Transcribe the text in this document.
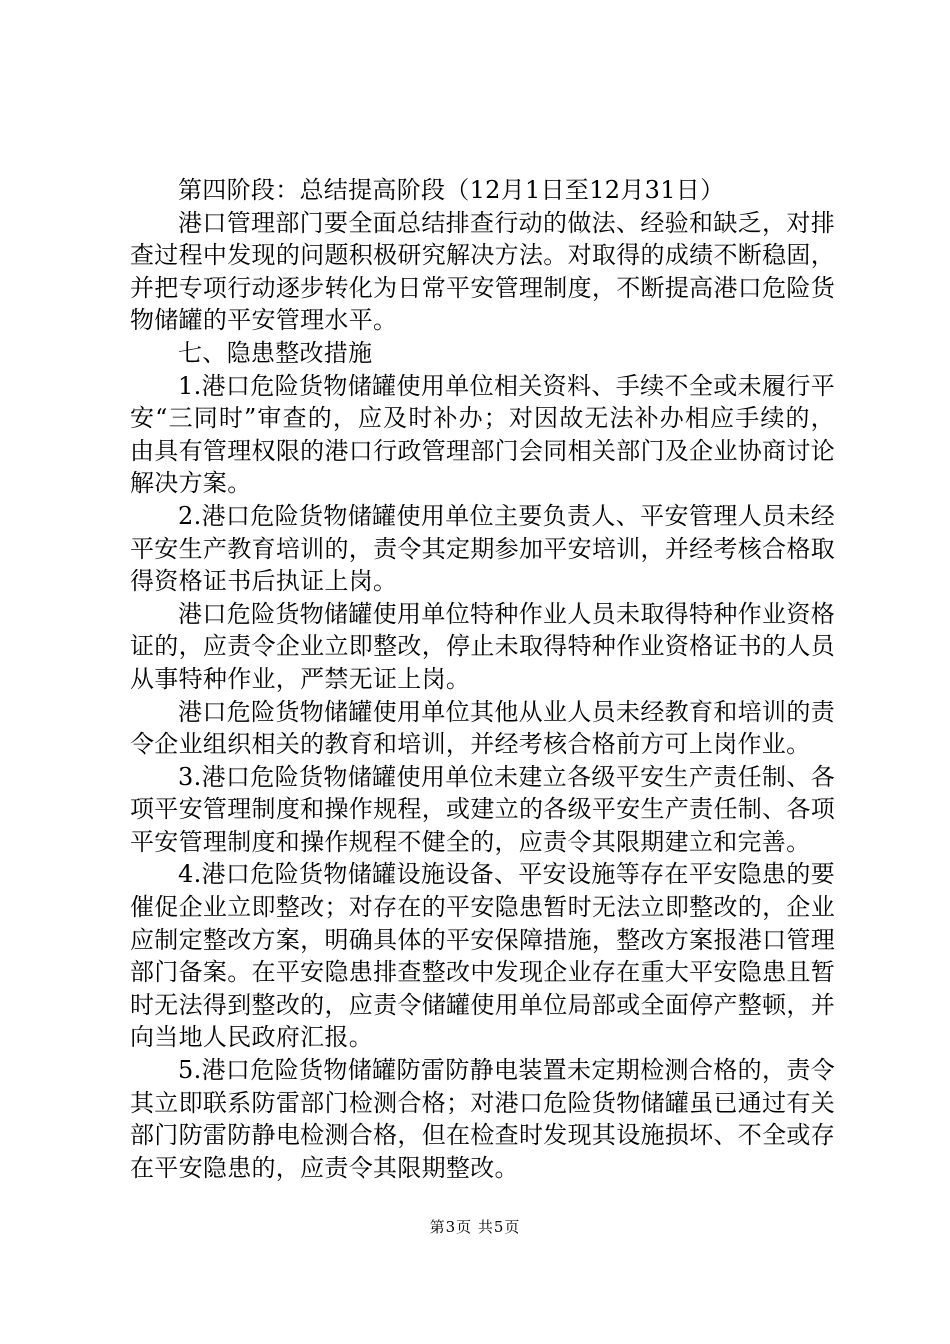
第四阶段：总结提高阶段（12月1日至12月31日）

港口管理部门要全面总结排查行动的做法、经验和缺乏，对排查过程中发现的问题积极研究解决方法。对取得的成绩不断稳固，并把专项行动逐步转化为日常平安管理制度，不断提高港口危险货物储罐的平安管理水平。

七、隐患整改措施

1.港口危险货物储罐使用单位相关资料、手续不全或未履行平安“三同时”审查的，应及时补办；对因故无法补办相应手续的，由具有管理权限的港口行政管理部门会同相关部门及企业协商讨论解决方案。

2.港口危险货物储罐使用单位主要负责人、平安管理人员未经平安生产教育培训的，责令其定期参加平安培训，并经考核合格取得资格证书后执证上岗。

港口危险货物储罐使用单位特种作业人员未取得特种作业资格证的，应责令企业立即整改，停止未取得特种作业资格证书的人员从事特种作业，严禁无证上岗。

港口危险货物储罐使用单位其他从业人员未经教育和培训的责令企业组织相关的教育和培训，并经考核合格前方可上岗作业。

3.港口危险货物储罐使用单位未建立各级平安生产责任制、各项平安管理制度和操作规程，或建立的各级平安生产责任制、各项平安管理制度和操作规程不健全的，应责令其限期建立和完善。

4.港口危险货物储罐设施设备、平安设施等存在平安隐患的要催促企业立即整改；对存在的平安隐患暂时无法立即整改的，企业应制定整改方案，明确具体的平安保障措施，整改方案报港口管理部门备案。在平安隐患排查整改中发现企业存在重大平安隐患且暂时无法得到整改的，应责令储罐使用单位局部或全面停产整顿，并向当地人民政府汇报。

5.港口危险货物储罐防雷防静电装置未定期检测合格的，责令其立即联系防雷部门检测合格；对港口危险货物储罐虽已通过有关部门防雷防静电检测合格，但在检查时发现其设施损坏、不全或存在平安隐患的，应责令其限期整改。

第3页 共5页
